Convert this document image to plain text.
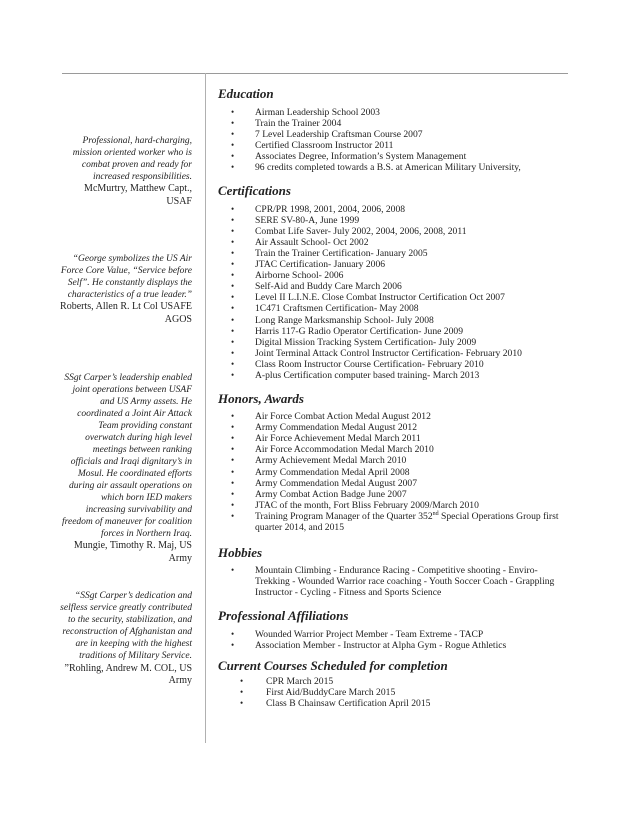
Professional, hard-charging, mission oriented worker who is combat proven and ready for increased responsibilities.
McMurtry, Matthew Capt., USAF
“George symbolizes the US Air Force Core Value, “Service before Self”. He constantly displays the characteristics of a true leader.”
Roberts, Allen R. Lt Col USAFE AGOS
SSgt Carper’s leadership enabled joint operations between USAF and US Army assets. He coordinated a Joint Air Attack Team providing constant overwatch during high level meetings between ranking officials and Iraqi dignitary’s in Mosul. He coordinated efforts during air assault operations on which born IED makers increasing survivability and freedom of maneuver for coalition forces in Northern Iraq.
Mungie, Timothy R. Maj, US Army
“SSgt Carper’s dedication and selfless service greatly contributed to the security, stabilization, and reconstruction of Afghanistan and are in keeping with the highest traditions of Military Service. ”Rohling, Andrew M. COL, US Army
Education
• Airman Leadership School 2003
• Train the Trainer 2004
• 7 Level Leadership Craftsman Course 2007
• Certified Classroom Instructor 2011
• Associates Degree, Information’s System Management
• 96 credits completed towards a B.S. at American Military University,
Certifications
• CPR/PR 1998, 2001, 2004, 2006, 2008
• SERE SV-80-A, June 1999
• Combat Life Saver- July 2002, 2004, 2006, 2008, 2011
• Air Assault School- Oct 2002
• Train the Trainer Certification- January 2005
• JTAC Certification- January 2006
• Airborne School- 2006
• Self-Aid and Buddy Care March 2006
• Level II L.I.N.E. Close Combat Instructor Certification Oct 2007
• 1C471 Craftsmen Certification- May 2008
• Long Range Marksmanship School- July 2008
• Harris 117-G Radio Operator Certification- June 2009
• Digital Mission Tracking System Certification- July 2009
• Joint Terminal Attack Control Instructor Certification- February 2010
• Class Room Instructor Course Certification- February 2010
• A-plus Certification computer based training- March 2013
Honors, Awards
• Air Force Combat Action Medal August 2012
• Army Commendation Medal August 2012
• Air Force Achievement Medal March 2011
• Air Force Accommodation Medal March 2010
• Army Achievement Medal March 2010
• Army Commendation Medal April 2008
• Army Commendation Medal August 2007
• Army Combat Action Badge June 2007
• JTAC of the month, Fort Bliss February 2009/March 2010
• Training Program Manager of the Quarter 352nd Special Operations Group first quarter 2014, and 2015
Hobbies
• Mountain Climbing - Endurance Racing - Competitive shooting - Enviro-Trekking - Wounded Warrior race coaching - Youth Soccer Coach - Grappling Instructor - Cycling - Fitness and Sports Science
Professional Affiliations
• Wounded Warrior Project Member - Team Extreme - TACP
• Association Member - Instructor at Alpha Gym - Rogue Athletics
Current Courses Scheduled for completion
• CPR March 2015
• First Aid/BuddyCare March 2015
• Class B Chainsaw Certification April 2015
